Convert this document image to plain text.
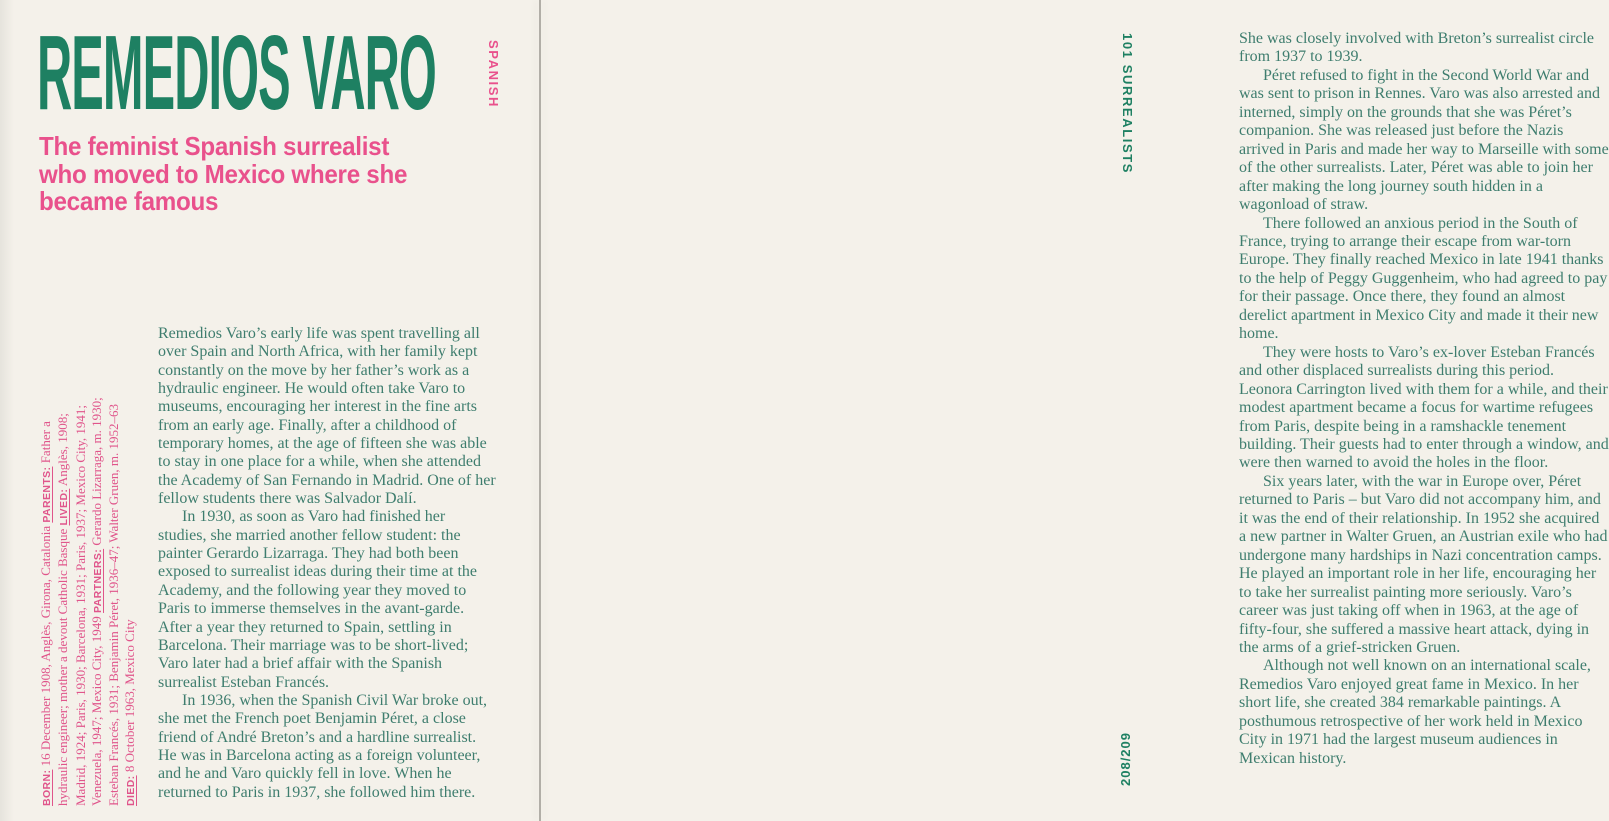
REMEDIOS VARO
The feminist Spanish surrealist
who moved to Mexico where she
became famous
SPANISH
BORN: 16 December 1908, Anglès, Girona, Catalonia PARENTS: Father a hydraulic engineer; mother a devout Catholic Basque LIVED: Anglès, 1908; Madrid, 1924; Paris, 1930; Barcelona, 1931; Paris, 1937; Mexico City, 1941; Venezuela, 1947; Mexico City, 1949 PARTNERS: Gerardo Lizarraga, m. 1930; Esteban Francés, 1931; Benjamin Péret, 1936–47; Walter Gruen, m. 1952–63 DIED: 8 October 1963, Mexico City

Remedios Varo’s early life was spent travelling all over Spain and North Africa, with her family kept constantly on the move by her father’s work as a hydraulic engineer. He would often take Varo to museums, encouraging her interest in the fine arts from an early age. Finally, after a childhood of temporary homes, at the age of fifteen she was able to stay in one place for a while, when she attended the Academy of San Fernando in Madrid. One of her fellow students there was Salvador Dalí.

In 1930, as soon as Varo had finished her studies, she married another fellow student: the painter Gerardo Lizarraga. They had both been exposed to surrealist ideas during their time at the Academy, and the following year they moved to Paris to immerse themselves in the avant-garde. After a year they returned to Spain, settling in Barcelona. Their marriage was to be short-lived; Varo later had a brief affair with the Spanish surrealist Esteban Francés.

In 1936, when the Spanish Civil War broke out, she met the French poet Benjamin Péret, a close friend of André Breton’s and a hardline surrealist. He was in Barcelona acting as a foreign volunteer, and he and Varo quickly fell in love. When he returned to Paris in 1937, she followed him there.

101 SURREALISTS
208/209

She was closely involved with Breton’s surrealist circle from 1937 to 1939.

Péret refused to fight in the Second World War and was sent to prison in Rennes. Varo was also arrested and interned, simply on the grounds that she was Péret’s companion. She was released just before the Nazis arrived in Paris and made her way to Marseille with some of the other surrealists. Later, Péret was able to join her after making the long journey south hidden in a wagonload of straw.

There followed an anxious period in the South of France, trying to arrange their escape from war-torn Europe. They finally reached Mexico in late 1941 thanks to the help of Peggy Guggenheim, who had agreed to pay for their passage. Once there, they found an almost derelict apartment in Mexico City and made it their new home.

They were hosts to Varo’s ex-lover Esteban Francés and other displaced surrealists during this period. Leonora Carrington lived with them for a while, and their modest apartment became a focus for wartime refugees from Paris, despite being in a ramshackle tenement building. Their guests had to enter through a window, and were then warned to avoid the holes in the floor.

Six years later, with the war in Europe over, Péret returned to Paris – but Varo did not accompany him, and it was the end of their relationship. In 1952 she acquired a new partner in Walter Gruen, an Austrian exile who had undergone many hardships in Nazi concentration camps. He played an important role in her life, encouraging her to take her surrealist painting more seriously. Varo’s career was just taking off when in 1963, at the age of fifty-four, she suffered a massive heart attack, dying in the arms of a grief-stricken Gruen.

Although not well known on an international scale, Remedios Varo enjoyed great fame in Mexico. In her short life, she created 384 remarkable paintings. A posthumous retrospective of her work held in Mexico City in 1971 had the largest museum audiences in Mexican history.
